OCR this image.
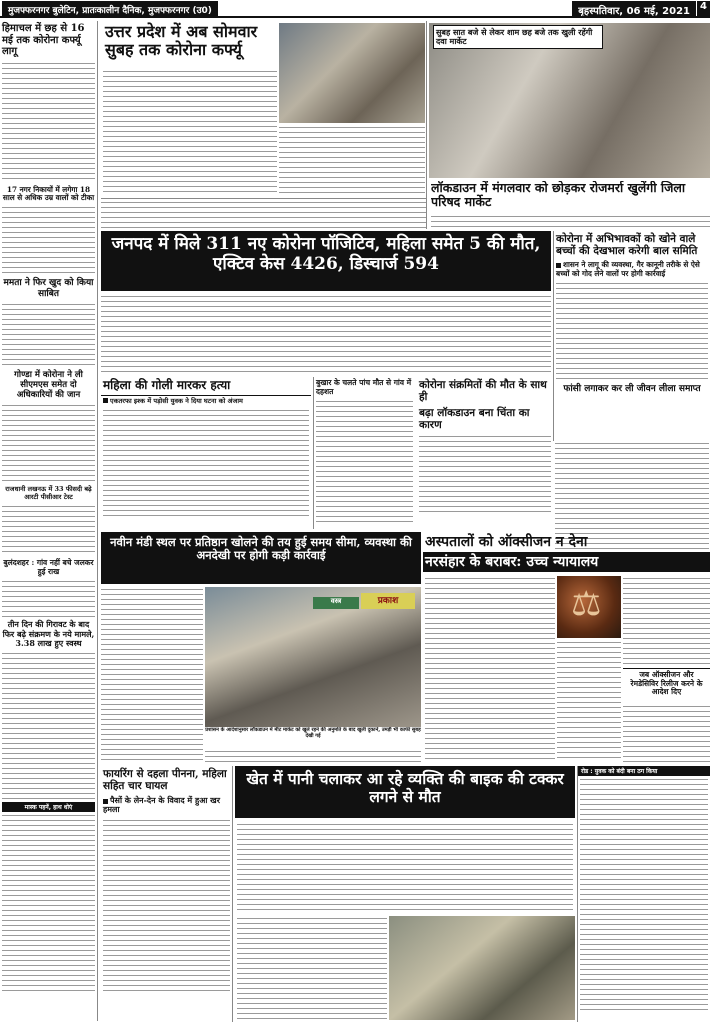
मुजफ्फरनगर बुलेटिन, प्रातःकालीन दैनिक, मुजफ्फरनगर (उ0)	बृहस्पतिवार, 06 मई, 2021	4
हिमाचल में छह से 16 मई तक कोरोना कर्फ्यू लागू
17 नगर निकायों में लगेगा 18 साल से अधिक उम्र वालों को टीका
ममता ने फिर खुद को किया साबित
गोण्डा में कोरोना ने ली सीएमएस समेत दो अधिकारियों की जान
राजधानी लखनऊ में 33 फीसदी बढ़े आरटी पीसीआर टेस्ट
बुलंदशहर : गांव नहीं बचे जलकर हुई राख
तीन दिन की गिरावट के बाद फिर बढ़े संक्रमण के नये मामले, 3.38 लाख हुए स्वस्थ
मास्क पहनें, हाथ धोएं
उत्तर प्रदेश में अब सोमवार सुबह तक कोरोना कर्फ्यू
सुबह सात बजे से लेकर शाम छह बजे तक खुली रहेंगी दवा मार्केट
लॉकडाउन में मंगलवार को छोड़कर रोजमर्रा खुलेंगी जिला परिषद मार्केट
जनपद में मिले 311 नए कोरोना पॉजिटिव, महिला समेत 5 की मौत, एक्टिव केस 4426, डिस्चार्ज 594
कोरोना में अभिभावकों को खोने वाले बच्चों की देखभाल करेगी बाल समिति
शासन ने लागू की व्यवस्था, गैर कानूनी तरीके से ऐसे बच्चों को गोद लेने वालों पर होगी कार्रवाई
फांसी लगाकर कर ली जीवन लीला समाप्त
महिला की गोली मारकर हत्या
एकतरफा इश्क में पड़ोसी युवक ने दिया घटना को अंजाम
बुखार के चलते पांच मौत से गांव में दहशत
कोरोना संक्रमितों की मौत के साथ ही
बढ़ा लॉकडाउन बना चिंता का कारण
नवीन मंडी स्थल पर प्रतिष्ठान खोलने की तय हुई समय सीमा, व्यवस्था की अनदेखी पर होगी कड़ी कार्रवाई
प्रकाश
वस्त्र
प्रशासन के आदेशानुसार लॉकडाउन में मीट मार्केट को खुले रहने की अनुमति के बाद खुली दुकानें, उमड़ी भी काफी सुबह देखी गई
अस्पतालों को ऑक्सीजन न देना
नरसंहार के बराबर: उच्च न्यायालय
⚖
जब ऑक्सीजन और रेमडेसिविर रिलीज करने के आदेश दिए
फायरिंग से दहला पीनना, महिला सहित चार घायल
पैसों के लेन-देन के विवाद में हुआ खर हमला
खेत में पानी चलाकर आ रहे व्यक्ति की बाइक की टक्कर लगने से मौत
रोड : युवक को बंदी बना ठग किया
